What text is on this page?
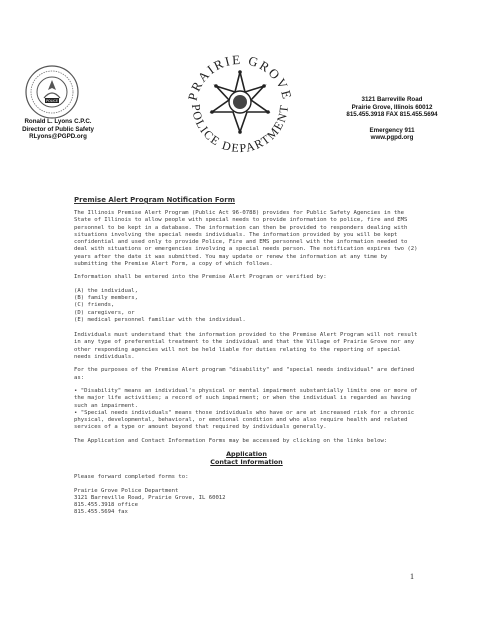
POLICE	PRAIRIE GROVE
POLICE DEPARTMENT
Ronald L. Lyons C.P.C.
Director of Public Safety
RLyons@PGPD.org
3121 Barreville Road
Prairie Grove, Illinois 60012
815.455.3918 FAX 815.455.5694
Emergency 911
www.pgpd.org
Premise Alert Program Notification Form

The Illinois Premise Alert Program (Public Act 96-0788) provides for Public Safety Agencies in the State of Illinois to allow people with special needs to provide information to police, fire and EMS personnel to be kept in a database. The information can then be provided to responders dealing with situations involving the special needs individuals. The information provided by you will be kept confidential and used only to provide Police, Fire and EMS personnel with the information needed to deal with situations or emergencies involving a special needs person. The notification expires two (2) years after the date it was submitted. You may update or renew the information at any time by submitting the Premise Alert Form, a copy of which follows.

Information shall be entered into the Premise Alert Program or verified by:

(A) the individual,
(B) family members,
(C) friends,
(D) caregivers, or
(E) medical personnel familiar with the individual.

Individuals must understand that the information provided to the Premise Alert Program will not result in any type of preferential treatment to the individual and that the Village of Prairie Grove nor any other responding agencies will not be held liable for duties relating to the reporting of special needs individuals.

For the purposes of the Premise Alert program "disability" and "special needs individual" are defined as:

• "Disability" means an individual's physical or mental impairment substantially limits one or more of the major life activities; a record of such impairment; or when the individual is regarded as having such an impairment.

• "Special needs individuals" means those individuals who have or are at increased risk for a chronic physical, developmental, behavioral, or emotional condition and who also require health and related services of a type or amount beyond that required by individuals generally.

The Application and Contact Information Forms may be accessed by clicking on the links below:

Application
Contact Information

Please forward completed forms to:

Prairie Grove Police Department
3121 Barreville Road, Prairie Grove, IL 60012
815.455.3918 office
815.455.5694 fax
1
